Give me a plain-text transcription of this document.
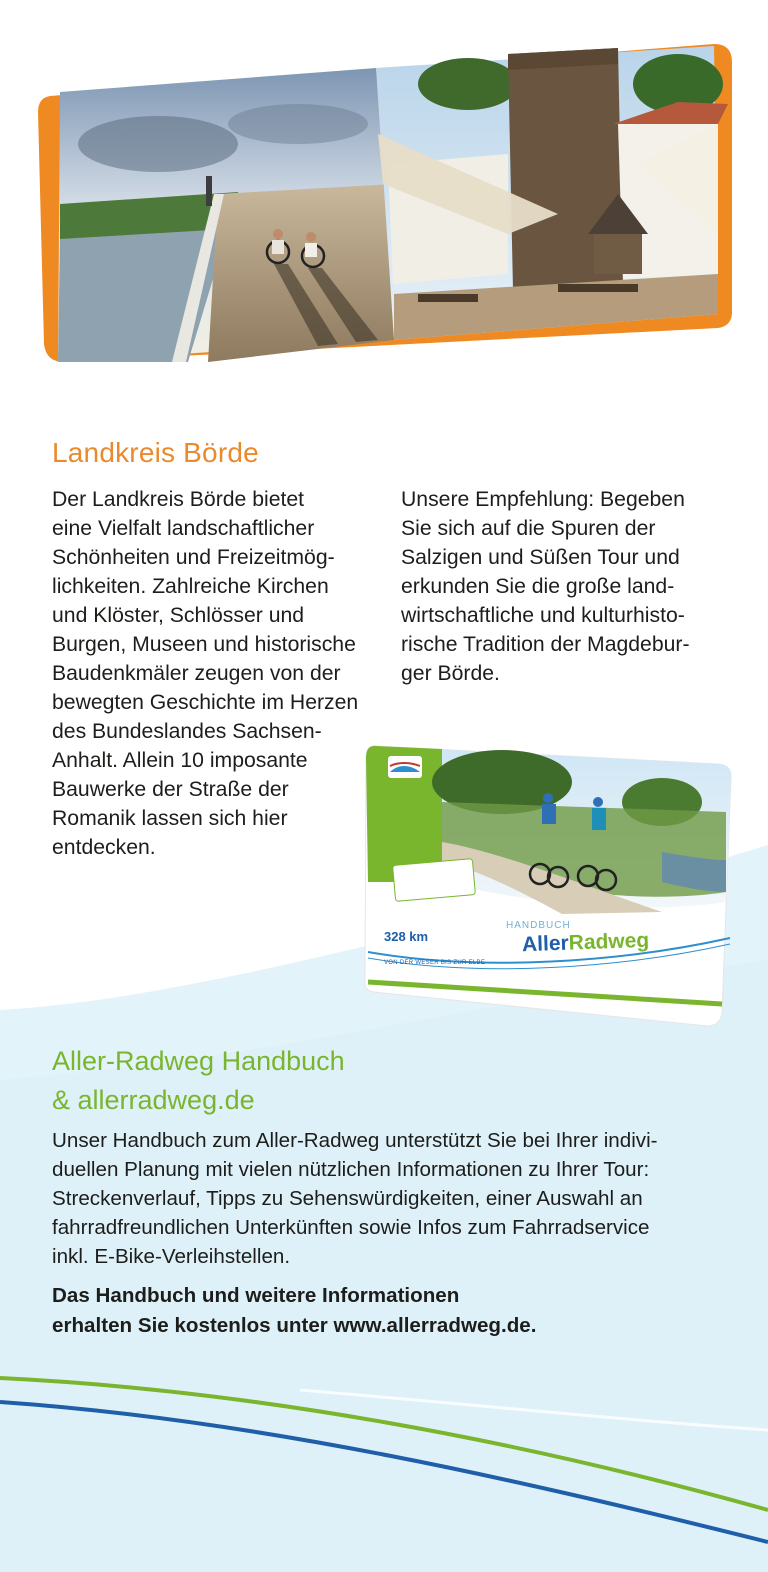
Landkreis Börde

Der Landkreis Börde bietet
eine Vielfalt landschaftlicher
Schönheiten und Freizeitmög-
lichkeiten. Zahlreiche Kirchen
und Klöster, Schlösser und
Burgen, Museen und historische
Baudenkmäler zeugen von der
bewegten Geschichte im Herzen
des Bundeslandes Sachsen-
Anhalt. Allein 10 imposante
Bauwerke der Straße der
Romanik lassen sich hier
entdecken.

Unsere Empfehlung: Begeben
Sie sich auf die Spuren der
Salzigen und Süßen Tour und
erkunden Sie die große land-
wirtschaftliche und kulturhisto-
rische Tradition der Magdebur-
ger Börde.

328 km
HANDBUCH
AllerRadweg
VON DER WESER BIS ZUR ELBE
Aller-Radweg Handbuch
& allerradweg.de

Unser Handbuch zum Aller-Radweg unterstützt Sie bei Ihrer indivi-
duellen Planung mit vielen nützlichen Informationen zu Ihrer Tour:
Streckenverlauf, Tipps zu Sehenswürdigkeiten, einer Auswahl an
fahrradfreundlichen Unterkünften sowie Infos zum Fahrradservice
inkl. E-Bike-Verleihstellen.

Das Handbuch und weitere Informationen
erhalten Sie kostenlos unter www.allerradweg.de.
